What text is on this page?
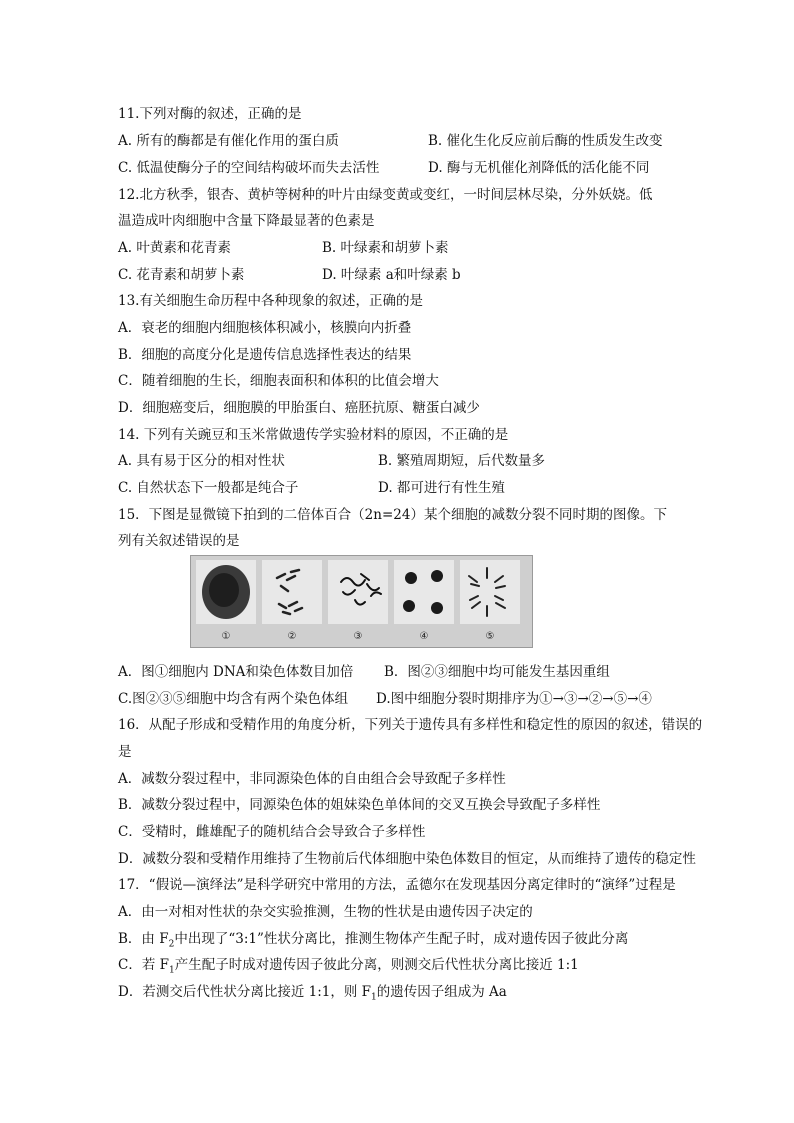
11.下列对酶的叙述，正确的是
A. 所有的酶都是有催化作用的蛋白质	B. 催化生化反应前后酶的性质发生改变
C. 低温使酶分子的空间结构破坏而失去活性	D. 酶与无机催化剂降低的活化能不同
12.北方秋季，银杏、黄栌等树种的叶片由绿变黄或变红，一时间层林尽染，分外妖娆。低
温造成叶肉细胞中含量下降最显著的色素是
A. 叶黄素和花青素	B. 叶绿素和胡萝卜素
C. 花青素和胡萝卜素	D. 叶绿素 a和叶绿素 b
13.有关细胞生命历程中各种现象的叙述，正确的是
A．衰老的细胞内细胞核体积减小，核膜向内折叠
B．细胞的高度分化是遗传信息选择性表达的结果
C．随着细胞的生长，细胞表面积和体积的比值会增大
D．细胞癌变后，细胞膜的甲胎蛋白、癌胚抗原、糖蛋白减少
14. 下列有关豌豆和玉米常做遗传学实验材料的原因，不正确的是
A. 具有易于区分的相对性状	B. 繁殖周期短，后代数量多
C. 自然状态下一般都是纯合子	D. 都可进行有性生殖
15．下图是显微镜下拍到的二倍体百合（2n=24）某个细胞的减数分裂不同时期的图像。下
列有关叙述错误的是
①	②	③	④	⑤
A．图①细胞内 DNA和染色体数目加倍 B．图②③细胞中均可能发生基因重组
C.图②③⑤细胞中均含有两个染色体组 D.图中细胞分裂时期排序为①→③→②→⑤→④
16．从配子形成和受精作用的角度分析，下列关于遗传具有多样性和稳定性的原因的叙述，错误的
是
A．减数分裂过程中，非同源染色体的自由组合会导致配子多样性
B．减数分裂过程中，同源染色体的姐妹染色单体间的交叉互换会导致配子多样性
C．受精时，雌雄配子的随机结合会导致合子多样性
D．减数分裂和受精作用维持了生物前后代体细胞中染色体数目的恒定，从而维持了遗传的稳定性
17．“假说—演绎法”是科学研究中常用的方法，孟德尔在发现基因分离定律时的“演绎”过程是
A．由一对相对性状的杂交实验推测，生物的性状是由遗传因子决定的
B．由 $F_2$中出现了“3:1”性状分离比，推测生物体产生配子时，成对遗传因子彼此分离
C．若 $F_1$产生配子时成对遗传因子彼此分离，则测交后代性状分离比接近 1:1
D．若测交后代性状分离比接近 1:1，则 $F_1$的遗传因子组成为 Aa
